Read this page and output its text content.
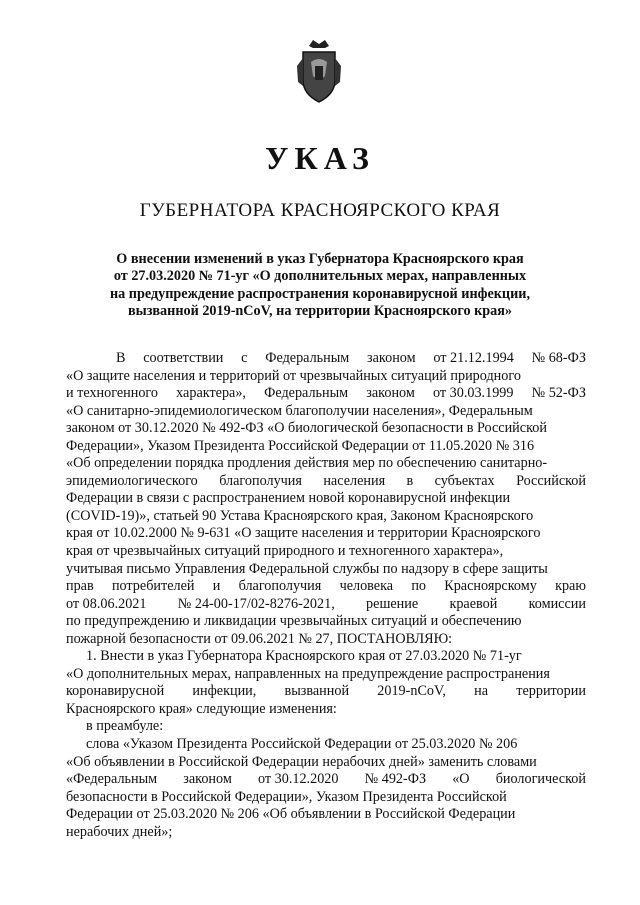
УКАЗ
ГУБЕРНАТОРА КРАСНОЯРСКОГО КРАЯ
О внесении изменений в указ Губернатора Красноярского края
от 27.03.2020 № 71-уг «О дополнительных мерах, направленных
на предупреждение распространения коронавирусной инфекции,
вызванной 2019-nCoV, на территории Красноярского края»
В соответствии с Федеральным законом от 21.12.1994 № 68-ФЗ
«О защите населения и территорий от чрезвычайных ситуаций природного
и техногенного характера», Федеральным законом от 30.03.1999 № 52-ФЗ
«О санитарно-эпидемиологическом благополучии населения», Федеральным
законом от 30.12.2020 № 492-ФЗ «О биологической безопасности в Российской
Федерации», Указом Президента Российской Федерации от 11.05.2020 № 316
«Об определении порядка продления действия мер по обеспечению санитарно-
эпидемиологического благополучия населения в субъектах Российской
Федерации в связи с распространением новой коронавирусной инфекции
(COVID-19)», статьей 90 Устава Красноярского края, Законом Красноярского
края от 10.02.2000 № 9-631 «О защите населения и территории Красноярского
края от чрезвычайных ситуаций природного и техногенного характера»,
учитывая письмо Управления Федеральной службы по надзору в сфере защиты
прав потребителей и благополучия человека по Красноярскому краю
от 08.06.2021 № 24-00-17/02-8276-2021, решение краевой комиссии
по предупреждению и ликвидации чрезвычайных ситуаций и обеспечению
пожарной безопасности от 09.06.2021 № 27, ПОСТАНОВЛЯЮ:
1. Внести в указ Губернатора Красноярского края от 27.03.2020 № 71-уг
«О дополнительных мерах, направленных на предупреждение распространения
коронавирусной инфекции, вызванной 2019-nCoV, на территории
Красноярского края» следующие изменения:
в преамбуле:
слова «Указом Президента Российской Федерации от 25.03.2020 № 206
«Об объявлении в Российской Федерации нерабочих дней» заменить словами
«Федеральным законом от 30.12.2020 № 492-ФЗ «О биологической
безопасности в Российской Федерации», Указом Президента Российской
Федерации от 25.03.2020 № 206 «Об объявлении в Российской Федерации
нерабочих дней»;
